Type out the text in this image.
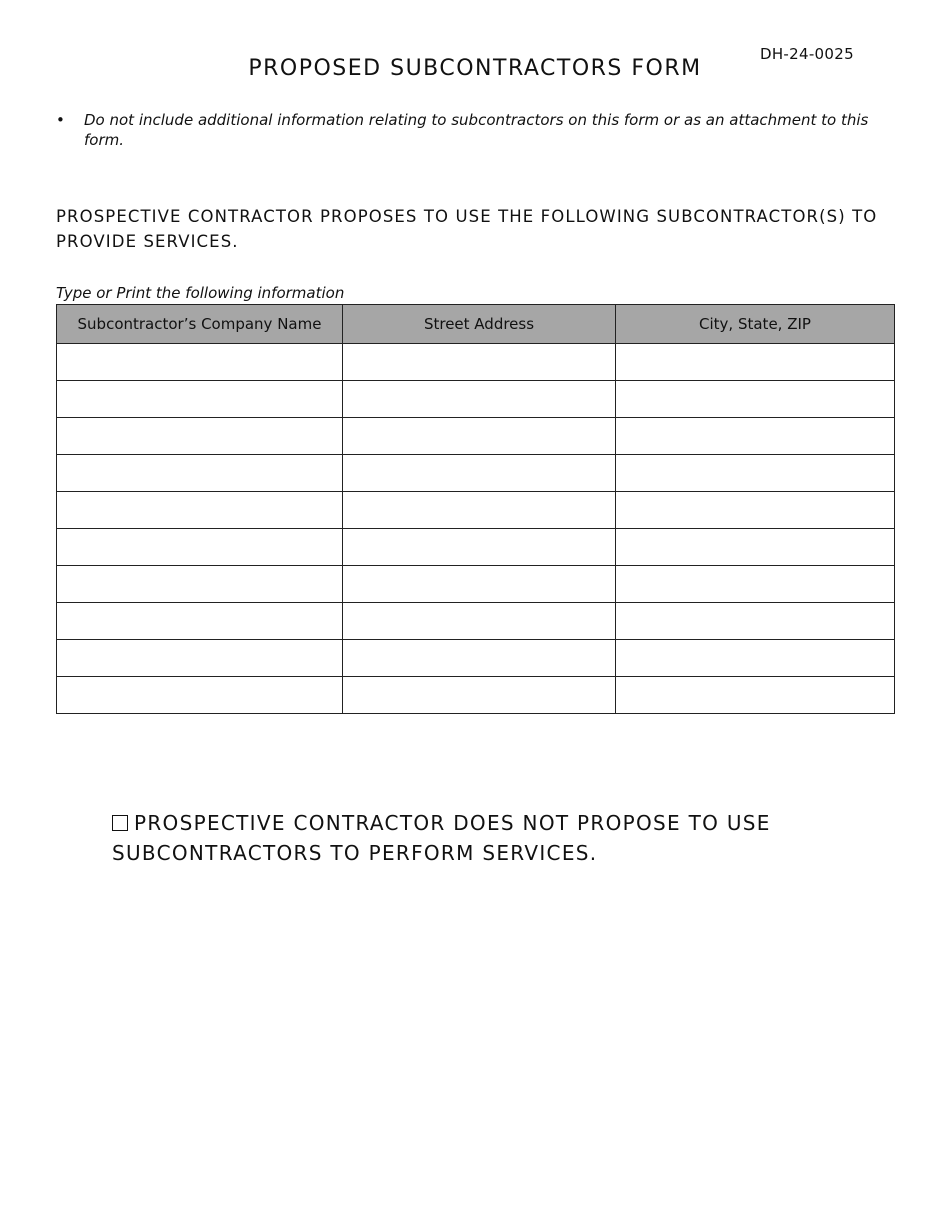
DH-24-0025
PROPOSED SUBCONTRACTORS FORM
•	Do not include additional information relating to subcontractors on this form or as an attachment to this form.

PROSPECTIVE CONTRACTOR PROPOSES TO USE THE FOLLOWING SUBCONTRACTOR(S) TO PROVIDE SERVICES.

Type or Print the following information
Subcontractor’s Company Name	Street Address	City, State, ZIP

PROSPECTIVE CONTRACTOR DOES NOT PROPOSE TO USE SUBCONTRACTORS TO PERFORM SERVICES.
